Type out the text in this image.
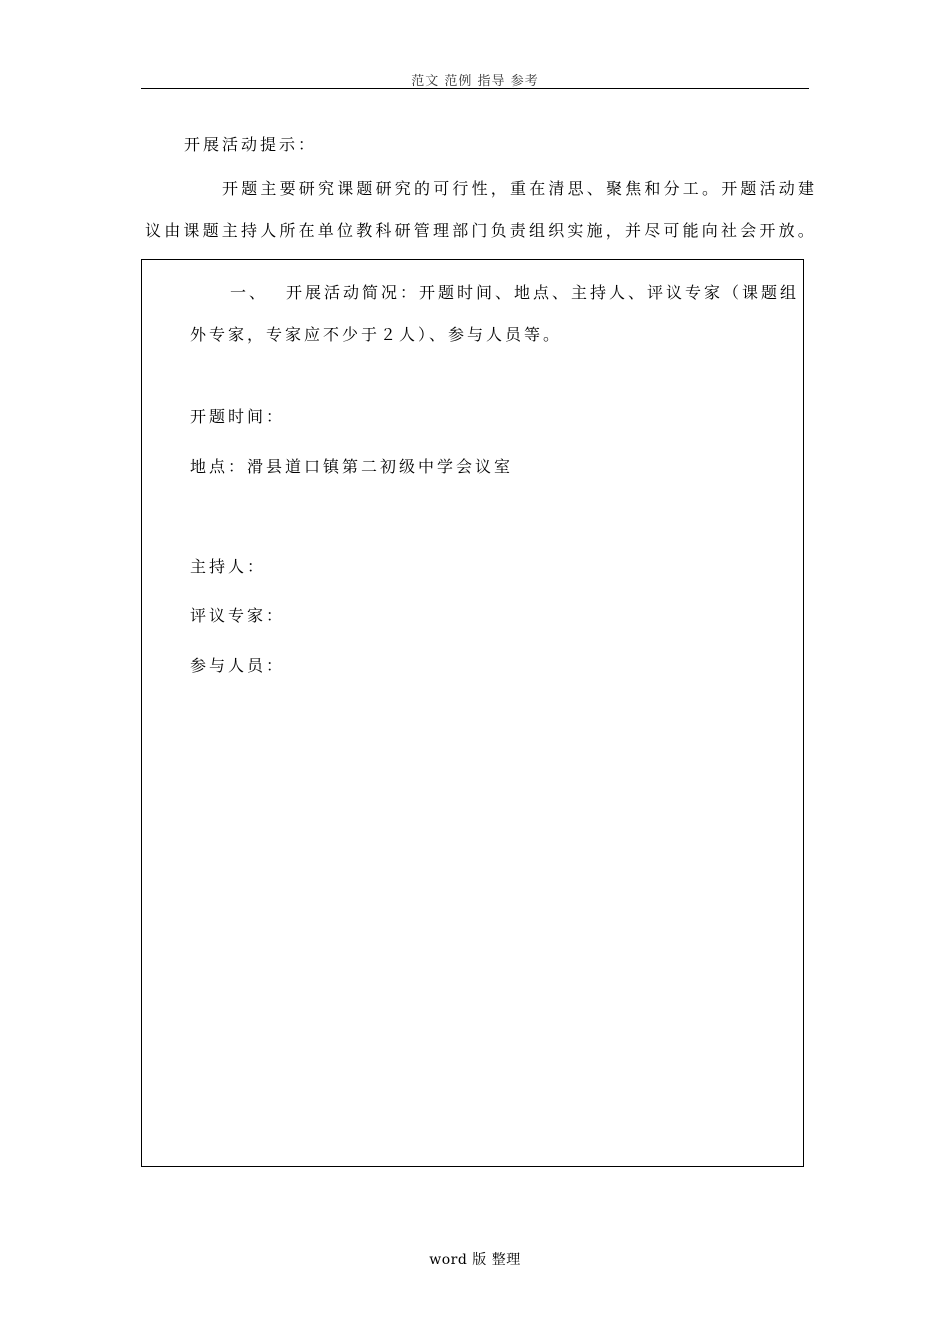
范文 范例 指导 参考
开展活动提示：
开题主要研究课题研究的可行性，重在清思、聚焦和分工。开题活动建
议由课题主持人所在单位教科研管理部门负责组织实施，并尽可能向社会开放。
一、 开展活动简况：开题时间、地点、主持人、评议专家（课题组
外专家，专家应不少于２人）、参与人员等。
开题时间：
地点：滑县道口镇第二初级中学会议室
主持人：
评议专家：
参与人员：
word 版 整理
